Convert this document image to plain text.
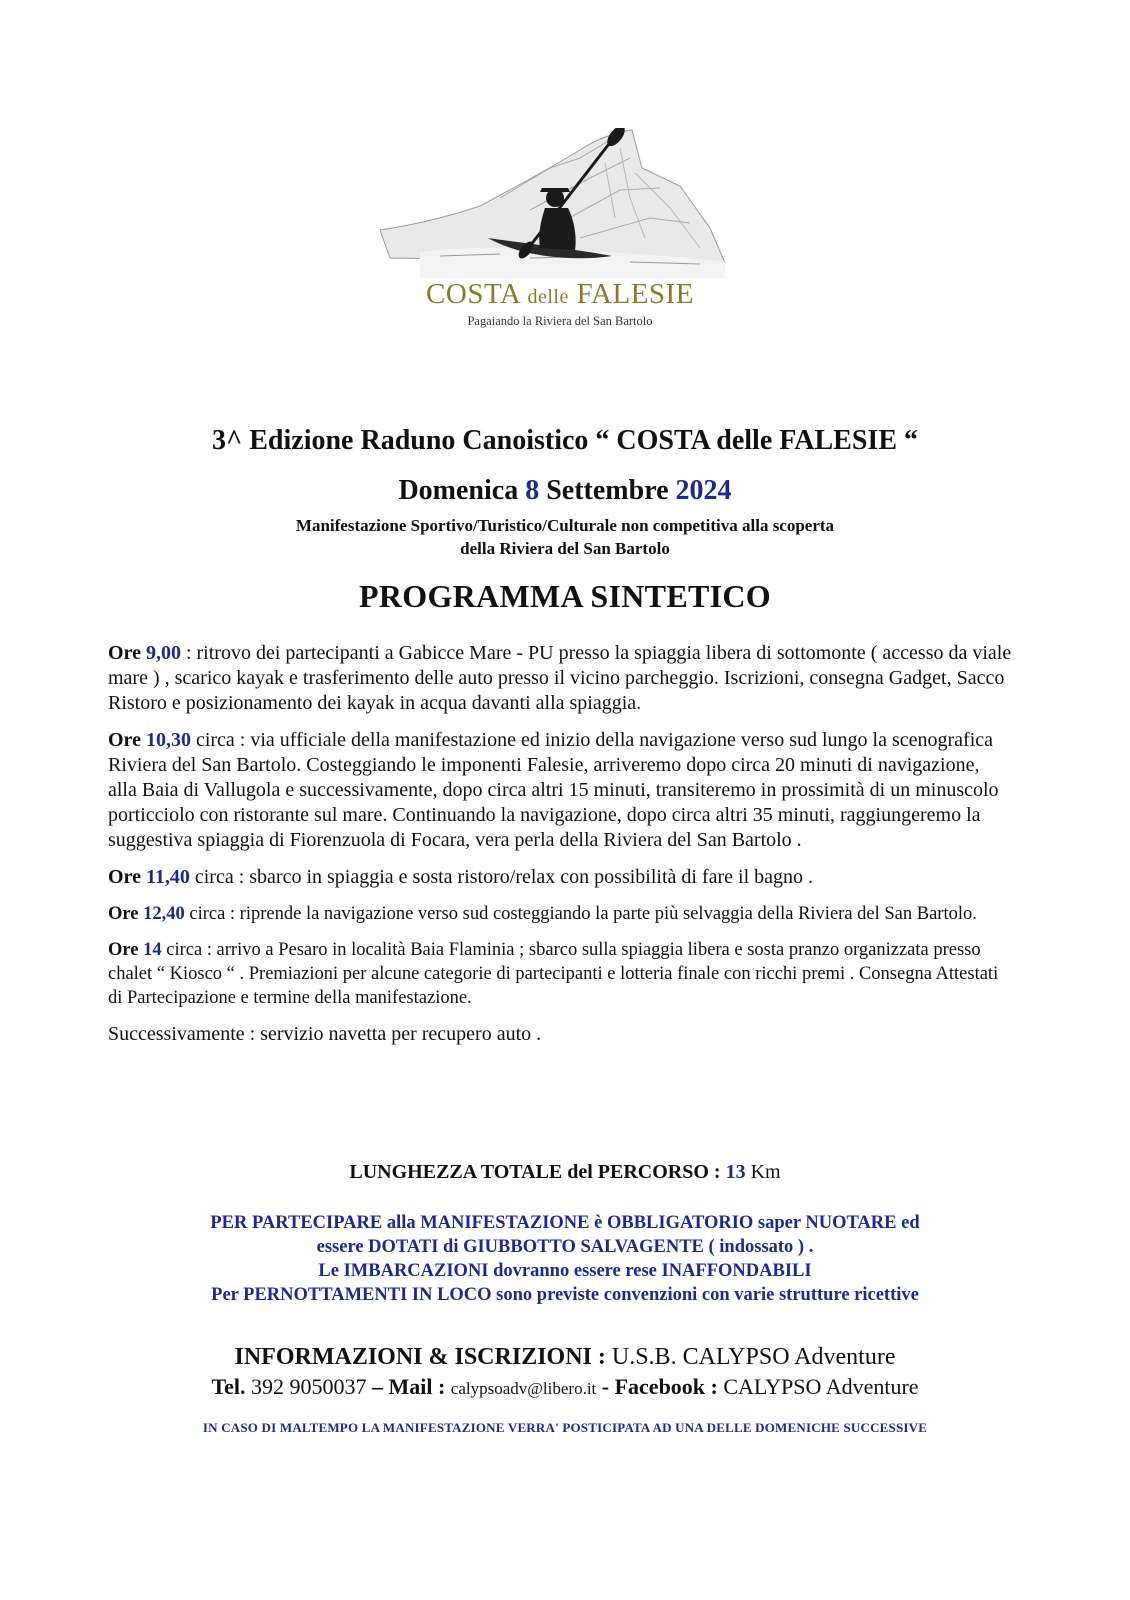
COSTA delle FALESIE
Pagaiando la Riviera del San Bartolo
3^ Edizione Raduno Canoistico “ COSTA delle FALESIE “
Domenica 8 Settembre 2024
Manifestazione Sportivo/Turistico/Culturale non competitiva alla scoperta
della Riviera del San Bartolo
PROGRAMMA SINTETICO

Ore 9,00 : ritrovo dei partecipanti a Gabicce Mare - PU presso la spiaggia libera di sottomonte ( accesso da viale mare ) , scarico kayak e trasferimento delle auto presso il vicino parcheggio. Iscrizioni, consegna Gadget, Sacco Ristoro e posizionamento dei kayak in acqua davanti alla spiaggia.

Ore 10,30 circa : via ufficiale della manifestazione ed inizio della navigazione verso sud lungo la scenografica Riviera del San Bartolo. Costeggiando le imponenti Falesie, arriveremo dopo circa 20 minuti di navigazione, alla Baia di Vallugola e successivamente, dopo circa altri 15 minuti, transiteremo in prossimità di un minuscolo porticciolo con ristorante sul mare. Continuando la navigazione, dopo circa altri 35 minuti, raggiungeremo la suggestiva spiaggia di Fiorenzuola di Focara, vera perla della Riviera del San Bartolo .

Ore 11,40 circa : sbarco in spiaggia e sosta ristoro/relax con possibilità di fare il bagno .

Ore 12,40 circa : riprende la navigazione verso sud costeggiando la parte più selvaggia della Riviera del San Bartolo.

Ore 14 circa : arrivo a Pesaro in località Baia Flaminia ; sbarco sulla spiaggia libera e sosta pranzo organizzata presso chalet “ Kiosco “ . Premiazioni per alcune categorie di partecipanti e lotteria finale con ricchi premi . Consegna Attestati di Partecipazione e termine della manifestazione.

Successivamente : servizio navetta per recupero auto .

LUNGHEZZA TOTALE del PERCORSO : 13 Km
PER PARTECIPARE alla MANIFESTAZIONE è OBBLIGATORIO saper NUOTARE ed
essere DOTATI di GIUBBOTTO SALVAGENTE ( indossato ) .
Le IMBARCAZIONI dovranno essere rese INAFFONDABILI
Per PERNOTTAMENTI IN LOCO sono previste convenzioni con varie strutture ricettive
INFORMAZIONI & ISCRIZIONI : U.S.B. CALYPSO Adventure
Tel. 392 9050037 – Mail : calypsoadv@libero.it - Facebook : CALYPSO Adventure
IN CASO DI MALTEMPO LA MANIFESTAZIONE VERRA' POSTICIPATA AD UNA DELLE DOMENICHE SUCCESSIVE
